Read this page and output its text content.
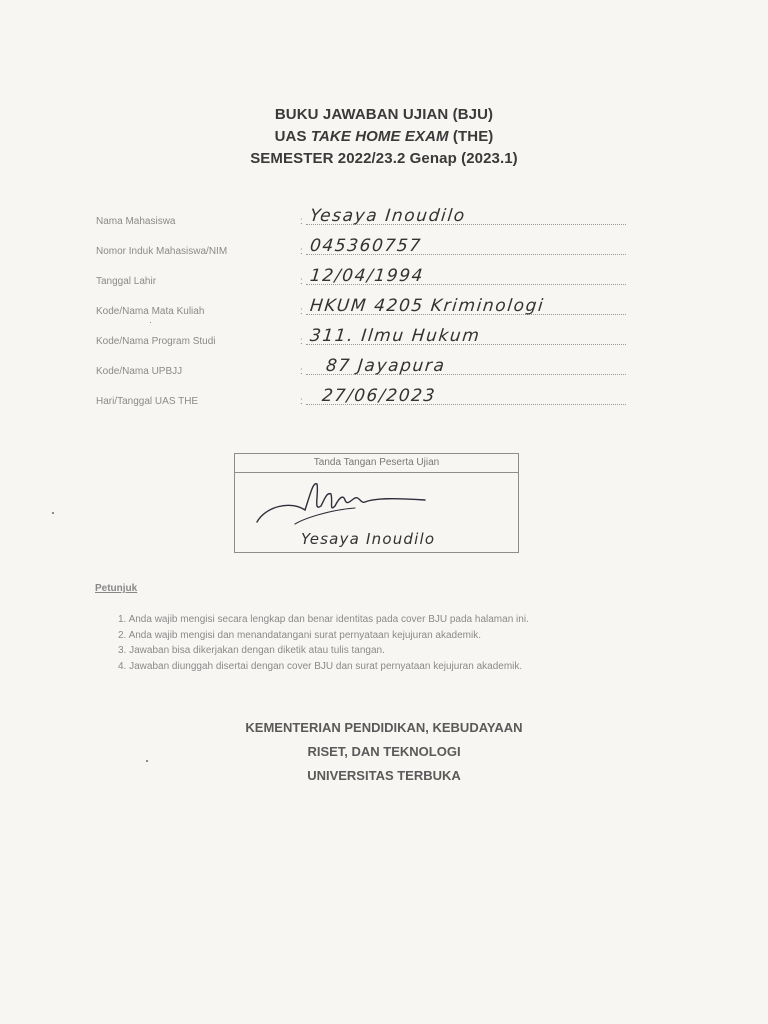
BUKU JAWABAN UJIAN (BJU)
UAS TAKE HOME EXAM (THE)
SEMESTER 2022/23.2 Genap (2023.1)
Nama Mahasiswa	: Yesaya Inoudilo
Nomor Induk Mahasiswa/NIM	: 045360757
Tanggal Lahir	: 12/04/1994
Kode/Nama Mata Kuliah	: HKUM 4205 Kriminologi
Kode/Nama Program Studi	: 311. Ilmu Hukum
Kode/Nama UPBJJ	: 87 Jayapura
Hari/Tanggal UAS THE	: 27/06/2023
Tanda Tangan Peserta Ujian
Yesaya Inoudilo
Petunjuk
1. Anda wajib mengisi secara lengkap dan benar identitas pada cover BJU pada halaman ini.
2. Anda wajib mengisi dan menandatangani surat pernyataan kejujuran akademik.
3. Jawaban bisa dikerjakan dengan diketik atau tulis tangan.
4. Jawaban diunggah disertai dengan cover BJU dan surat pernyataan kejujuran akademik.
KEMENTERIAN PENDIDIKAN, KEBUDAYAAN
RISET, DAN TEKNOLOGI
UNIVERSITAS TERBUKA
